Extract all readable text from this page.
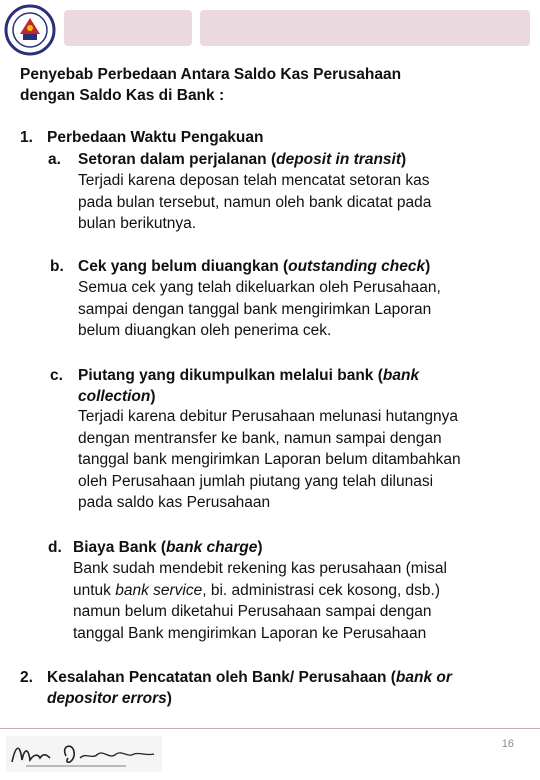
Penyebab Perbedaan Antara Saldo Kas Perusahaan
dengan Saldo Kas di Bank :
1. Perbedaan Waktu Pengakuan
a. Setoran dalam perjalanan (deposit in transit)
Terjadi karena deposan telah mencatat setoran kas
pada bulan tersebut, namun oleh bank dicatat pada
bulan berikutnya.
b. Cek yang belum diuangkan (outstanding check)
Semua cek yang telah dikeluarkan oleh Perusahaan,
sampai dengan tanggal bank mengirimkan Laporan
belum diuangkan oleh penerima cek.
c. Piutang yang dikumpulkan melalui bank (bank
collection)
Terjadi karena debitur Perusahaan melunasi hutangnya
dengan mentransfer ke bank, namun sampai dengan
tanggal bank mengirimkan Laporan belum ditambahkan
oleh Perusahaan jumlah piutang yang telah dilunasi
pada saldo kas Perusahaan
d. Biaya Bank (bank charge)
Bank sudah mendebit rekening kas perusahaan (misal
untuk bank service, bi. administrasi cek kosong, dsb.)
namun belum diketahui Perusahaan sampai dengan
tanggal Bank mengirimkan Laporan ke Perusahaan
2. Kesalahan Pencatatan oleh Bank/ Perusahaan (bank or
depositor errors)
16
